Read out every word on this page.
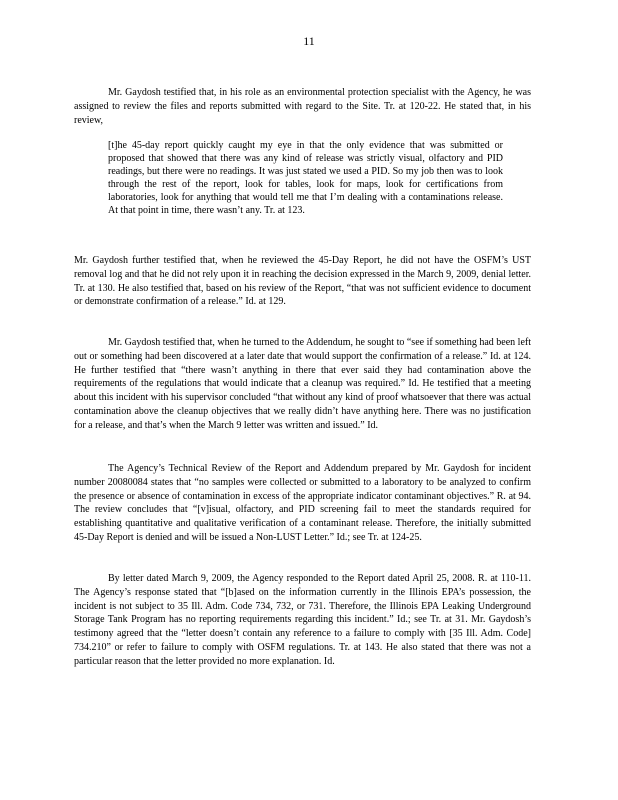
11

Mr. Gaydosh testified that, in his role as an environmental protection specialist with the Agency, he was assigned to review the files and reports submitted with regard to the Site. Tr. at 120-22. He stated that, in his review,

[t]he 45-day report quickly caught my eye in that the only evidence that was submitted or proposed that showed that there was any kind of release was strictly visual, olfactory and PID readings, but there were no readings. It was just stated we used a PID. So my job then was to look through the rest of the report, look for tables, look for maps, look for certifications from laboratories, look for anything that would tell me that I’m dealing with a contaminations release. At that point in time, there wasn’t any. Tr. at 123.

Mr. Gaydosh further testified that, when he reviewed the 45-Day Report, he did not have the OSFM’s UST removal log and that he did not rely upon it in reaching the decision expressed in the March 9, 2009, denial letter. Tr. at 130. He also testified that, based on his review of the Report, “that was not sufficient evidence to document or demonstrate confirmation of a release.” Id. at 129.

Mr. Gaydosh testified that, when he turned to the Addendum, he sought to “see if something had been left out or something had been discovered at a later date that would support the confirmation of a release.” Id. at 124. He further testified that “there wasn’t anything in there that ever said they had contamination above the requirements of the regulations that would indicate that a cleanup was required.” Id. He testified that a meeting about this incident with his supervisor concluded “that without any kind of proof whatsoever that there was actual contamination above the cleanup objectives that we really didn’t have anything here. There was no justification for a release, and that’s when the March 9 letter was written and issued.” Id.

The Agency’s Technical Review of the Report and Addendum prepared by Mr. Gaydosh for incident number 20080084 states that “no samples were collected or submitted to a laboratory to be analyzed to confirm the presence or absence of contamination in excess of the appropriate indicator contaminant objectives.” R. at 94. The review concludes that “[v]isual, olfactory, and PID screening fail to meet the standards required for establishing quantitative and qualitative verification of a contaminant release. Therefore, the initially submitted 45-Day Report is denied and will be issued a Non-LUST Letter.” Id.; see Tr. at 124-25.

By letter dated March 9, 2009, the Agency responded to the Report dated April 25, 2008. R. at 110-11. The Agency’s response stated that “[b]ased on the information currently in the Illinois EPA’s possession, the incident is not subject to 35 Ill. Adm. Code 734, 732, or 731. Therefore, the Illinois EPA Leaking Underground Storage Tank Program has no reporting requirements regarding this incident.” Id.; see Tr. at 31. Mr. Gaydosh’s testimony agreed that the “letter doesn’t contain any reference to a failure to comply with [35 Ill. Adm. Code] 734.210” or refer to failure to comply with OSFM regulations. Tr. at 143. He also stated that there was not a particular reason that the letter provided no more explanation. Id.
